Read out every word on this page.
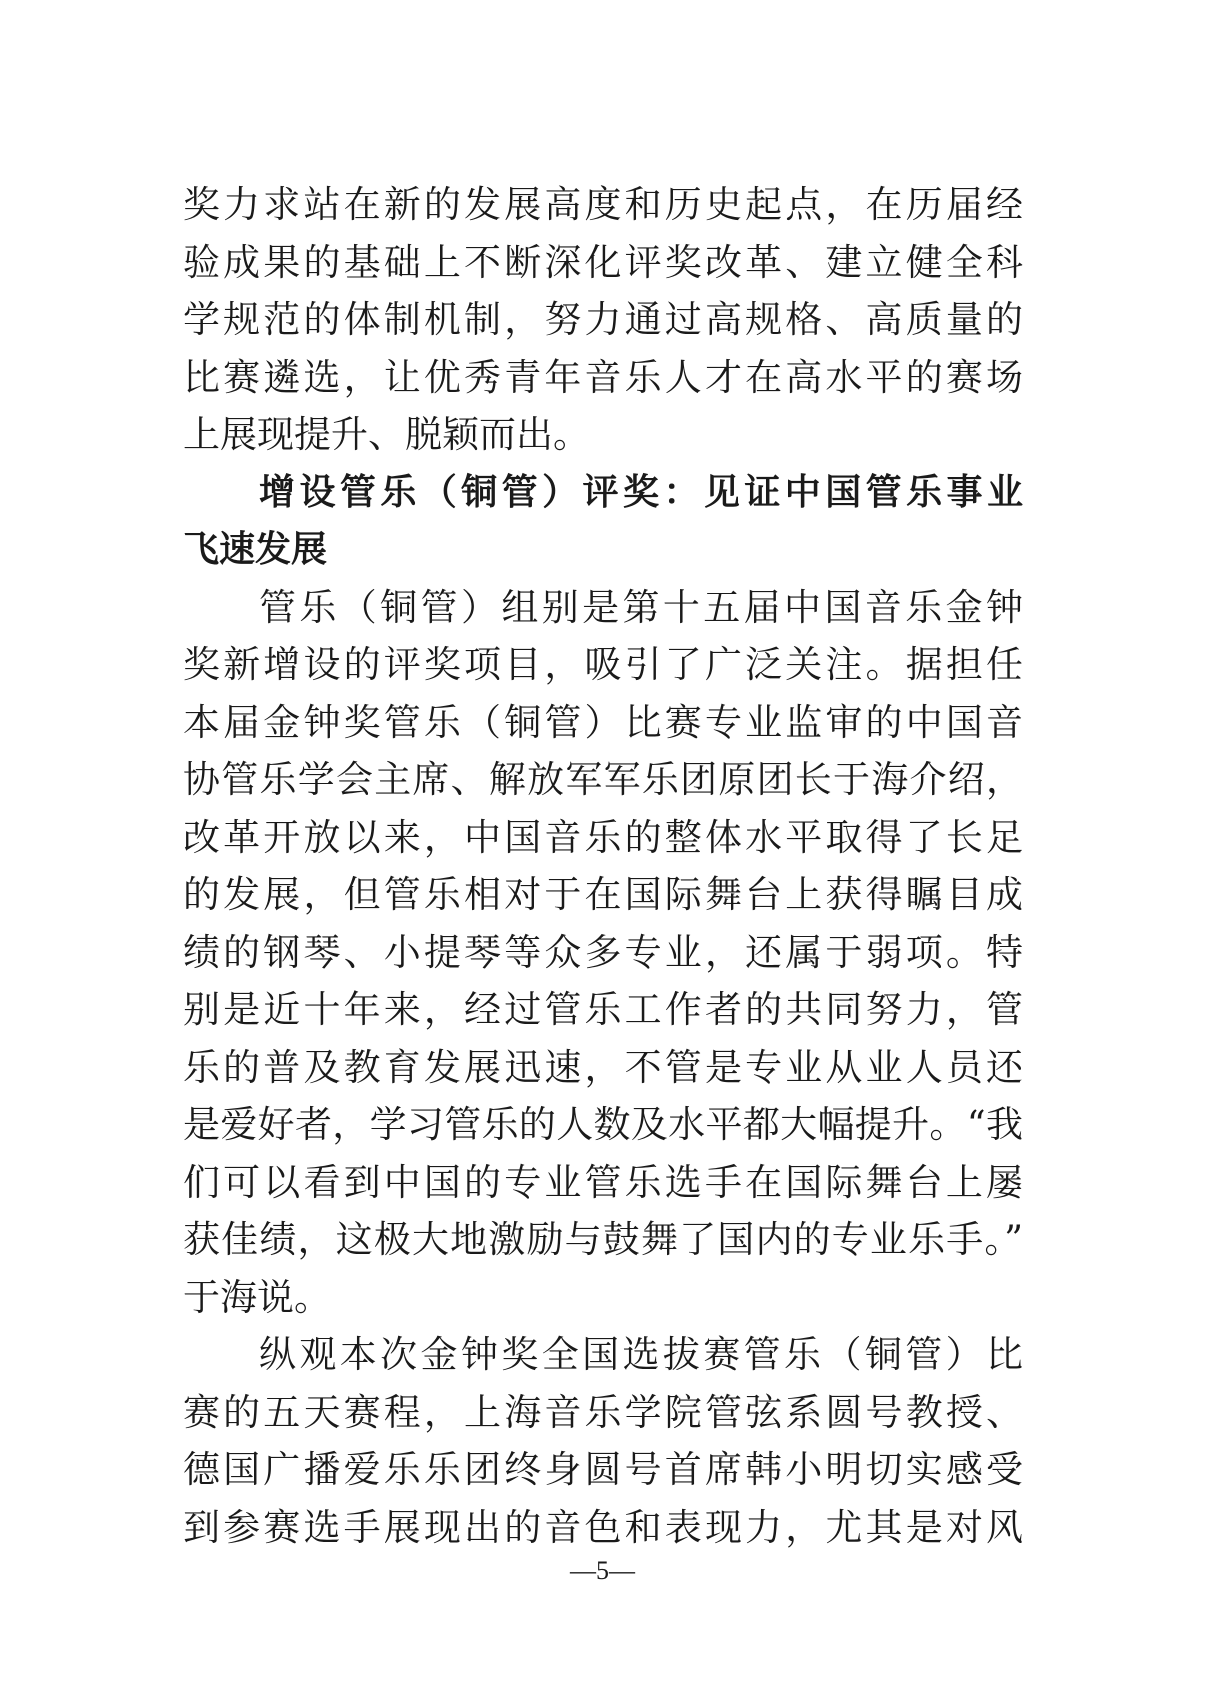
奖力求站在新的发展高度和历史起点，在历届经
验成果的基础上不断深化评奖改革、建立健全科
学规范的体制机制，努力通过高规格、高质量的
比赛遴选，让优秀青年音乐人才在高水平的赛场
上展现提升、脱颖而出。
增设管乐（铜管）评奖：见证中国管乐事业
飞速发展
管乐（铜管）组别是第十五届中国音乐金钟
奖新增设的评奖项目，吸引了广泛关注。据担任
本届金钟奖管乐（铜管）比赛专业监审的中国音
协管乐学会主席、解放军军乐团原团长于海介绍，
改革开放以来，中国音乐的整体水平取得了长足
的发展，但管乐相对于在国际舞台上获得瞩目成
绩的钢琴、小提琴等众多专业，还属于弱项。特
别是近十年来，经过管乐工作者的共同努力，管
乐的普及教育发展迅速，不管是专业从业人员还
是爱好者，学习管乐的人数及水平都大幅提升。“我
们可以看到中国的专业管乐选手在国际舞台上屡
获佳绩，这极大地激励与鼓舞了国内的专业乐手。”
于海说。
纵观本次金钟奖全国选拔赛管乐（铜管）比
赛的五天赛程，上海音乐学院管弦系圆号教授、
德国广播爱乐乐团终身圆号首席韩小明切实感受
到参赛选手展现出的音色和表现力，尤其是对风
—5—
